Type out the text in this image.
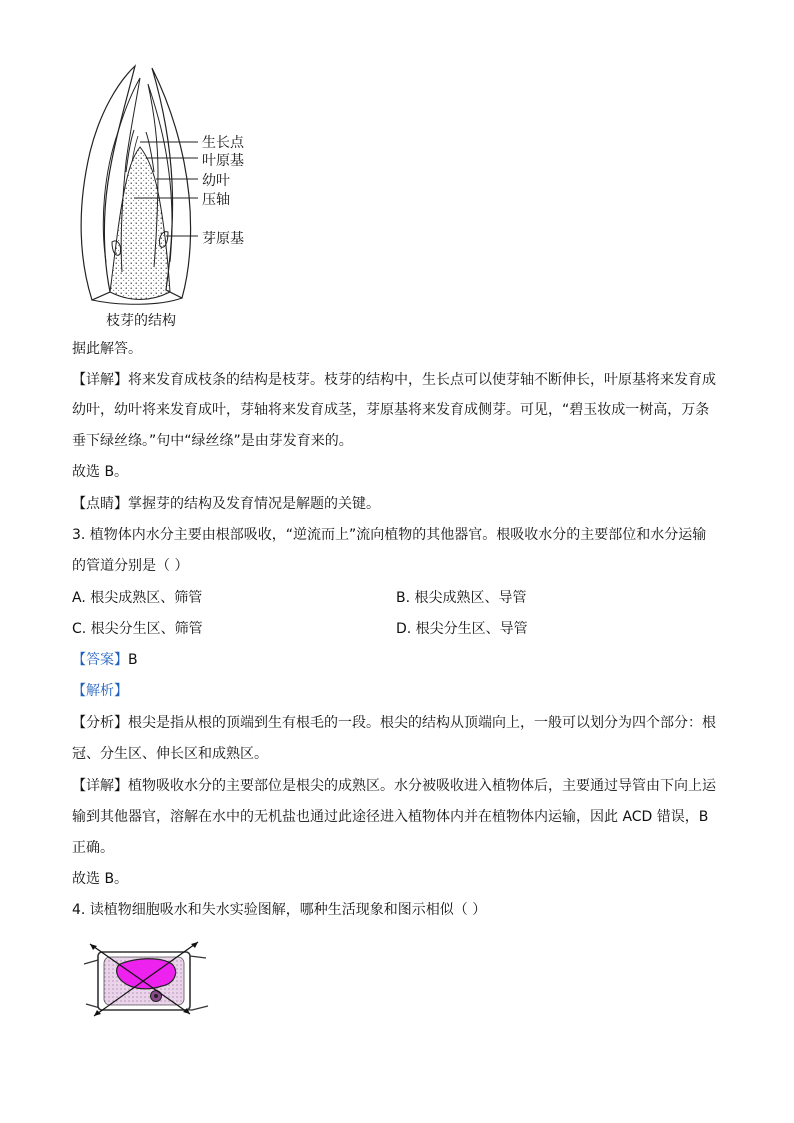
生长点
叶原基
幼叶
压轴
芽原基
枝芽的结构
据此解答。
【详解】将来发育成枝条的结构是枝芽。枝芽的结构中，生长点可以使芽轴不断伸长，叶原基将来发育成
幼叶，幼叶将来发育成叶，芽轴将来发育成茎，芽原基将来发育成侧芽。可见，“碧玉妆成一树高，万条
垂下绿丝绦。”句中“绿丝绦”是由芽发育来的。
故选 B。
【点睛】掌握芽的结构及发育情况是解题的关键。
3. 植物体内水分主要由根部吸收，“逆流而上”流向植物的其他器官。根吸收水分的主要部位和水分运输
的管道分别是（ ）
A. 根尖成熟区、筛管	B. 根尖成熟区、导管
C. 根尖分生区、筛管	D. 根尖分生区、导管
【答案】B
【解析】
【分析】根尖是指从根的顶端到生有根毛的一段。根尖的结构从顶端向上，一般可以划分为四个部分：根
冠、分生区、伸长区和成熟区。
【详解】植物吸收水分的主要部位是根尖的成熟区。水分被吸收进入植物体后，主要通过导管由下向上运
输到其他器官，溶解在水中的无机盐也通过此途径进入植物体内并在植物体内运输，因此 ACD 错误，B
正确。
故选 B。
4. 读植物细胞吸水和失水实验图解，哪种生活现象和图示相似（ ）
